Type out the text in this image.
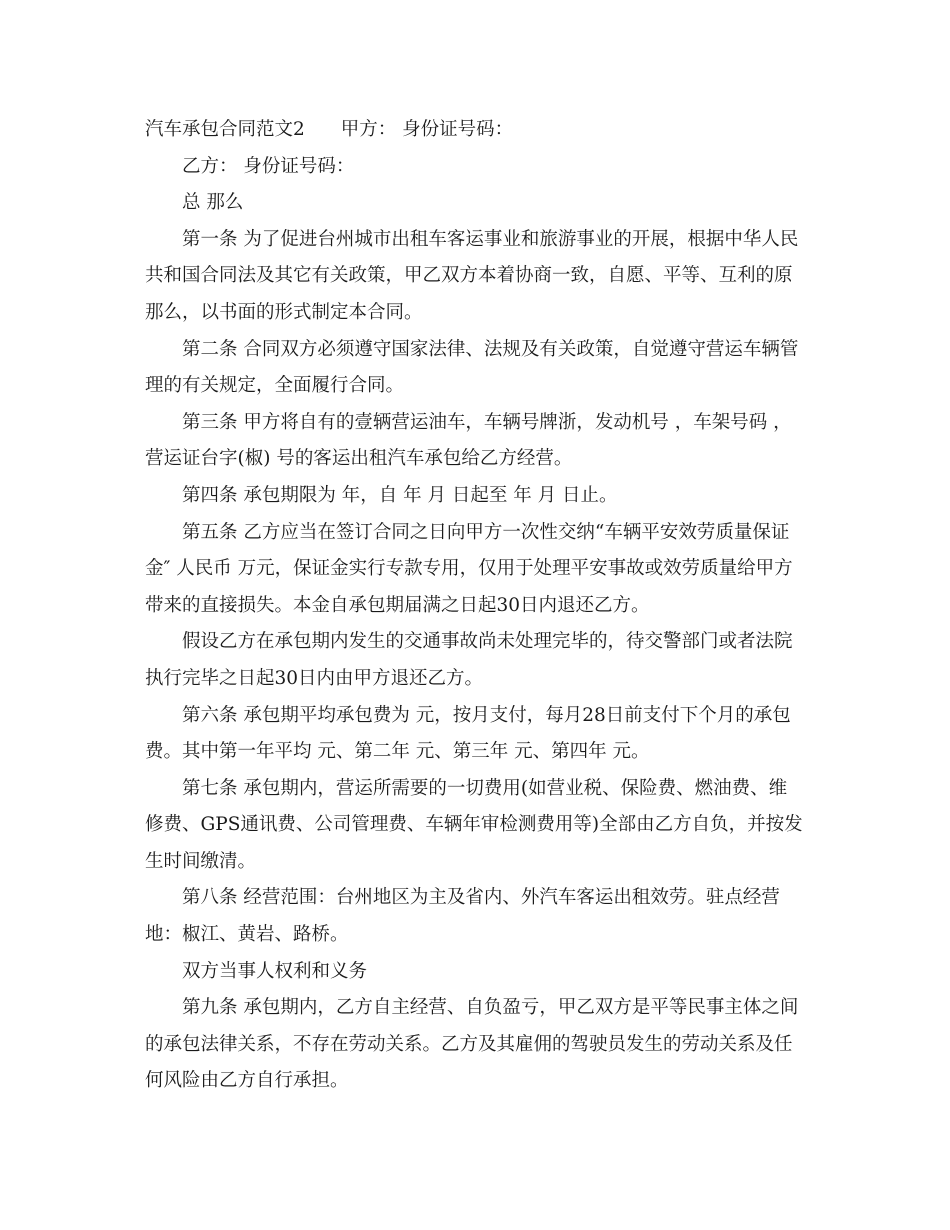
汽车承包合同范文2 甲方： 身份证号码：
乙方： 身份证号码：
总 那么
第一条 为了促进台州城市出租车客运事业和旅游事业的开展，根据中华人民
共和国合同法及其它有关政策，甲乙双方本着协商一致，自愿、平等、互利的原
那么，以书面的形式制定本合同。
第二条 合同双方必须遵守国家法律、法规及有关政策，自觉遵守营运车辆管
理的有关规定，全面履行合同。
第三条 甲方将自有的壹辆营运油车，车辆号牌浙，发动机号 ，车架号码 ，
营运证台字(椒) 号的客运出租汽车承包给乙方经营。
第四条 承包期限为 年，自 年 月 日起至 年 月 日止。
第五条 乙方应当在签订合同之日向甲方一次性交纳“车辆平安效劳质量保证
金″ 人民币 万元，保证金实行专款专用，仅用于处理平安事故或效劳质量给甲方
带来的直接损失。本金自承包期届满之日起30日内退还乙方。
假设乙方在承包期内发生的交通事故尚未处理完毕的，待交警部门或者法院
执行完毕之日起30日内由甲方退还乙方。
第六条 承包期平均承包费为 元，按月支付，每月28日前支付下个月的承包
费。其中第一年平均 元、第二年 元、第三年 元、第四年 元。
第七条 承包期内，营运所需要的一切费用(如营业税、保险费、燃油费、维
修费、GPS通讯费、公司管理费、车辆年审检测费用等)全部由乙方自负，并按发
生时间缴清。
第八条 经营范围：台州地区为主及省内、外汽车客运出租效劳。驻点经营
地：椒江、黄岩、路桥。
双方当事人权利和义务
第九条 承包期内，乙方自主经营、自负盈亏，甲乙双方是平等民事主体之间
的承包法律关系，不存在劳动关系。乙方及其雇佣的驾驶员发生的劳动关系及任
何风险由乙方自行承担。
